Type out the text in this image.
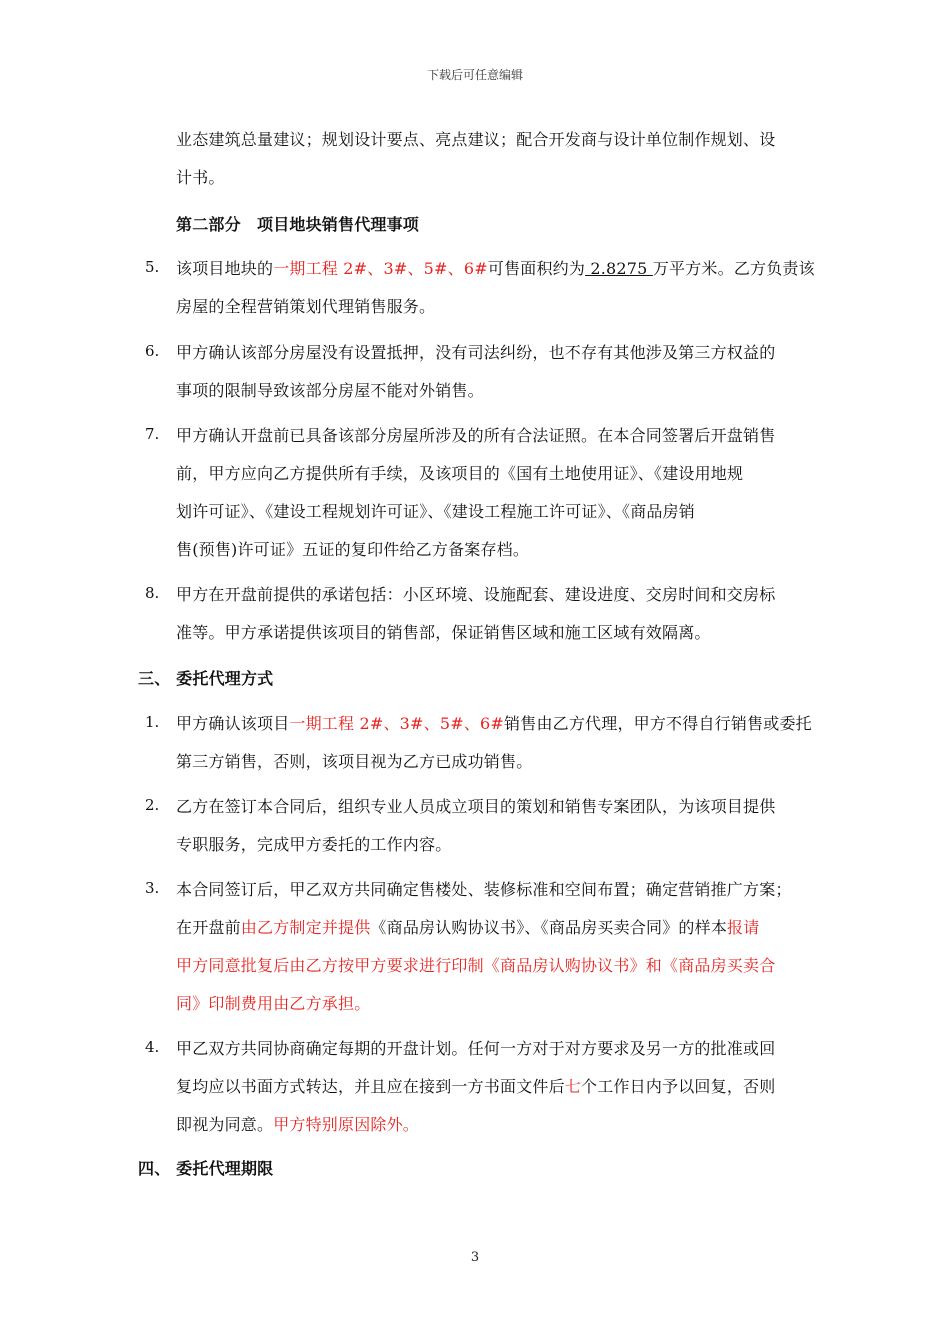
下载后可任意编辑
业态建筑总量建议；规划设计要点、亮点建议；配合开发商与设计单位制作规划、设
计书。
第二部分　项目地块销售代理事项
5. 该项目地块的一期工程 2#、3#、5#、6#可售面积约为 2.8275 万平方米。乙方负责该
房屋的全程营销策划代理销售服务。
6. 甲方确认该部分房屋没有设置抵押，没有司法纠纷，也不存有其他涉及第三方权益的
事项的限制导致该部分房屋不能对外销售。
7. 甲方确认开盘前已具备该部分房屋所涉及的所有合法证照。在本合同签署后开盘销售
前，甲方应向乙方提供所有手续，及该项目的《国有土地使用证》、《建设用地规
划许可证》、《建设工程规划许可证》、《建设工程施工许可证》、《商品房销
售(预售)许可证》五证的复印件给乙方备案存档。
8. 甲方在开盘前提供的承诺包括：小区环境、设施配套、建设进度、交房时间和交房标
准等。甲方承诺提供该项目的销售部，保证销售区域和施工区域有效隔离。
三、 委托代理方式
1. 甲方确认该项目一期工程 2#、3#、5#、6#销售由乙方代理，甲方不得自行销售或委托
第三方销售，否则，该项目视为乙方已成功销售。
2. 乙方在签订本合同后，组织专业人员成立项目的策划和销售专案团队，为该项目提供
专职服务，完成甲方委托的工作内容。
3. 本合同签订后，甲乙双方共同确定售楼处、装修标准和空间布置；确定营销推广方案；
在开盘前由乙方制定并提供《商品房认购协议书》、《商品房买卖合同》的样本报请
甲方同意批复后由乙方按甲方要求进行印制《商品房认购协议书》和《商品房买卖合
同》印制费用由乙方承担。
4. 甲乙双方共同协商确定每期的开盘计划。任何一方对于对方要求及另一方的批准或回
复均应以书面方式转达，并且应在接到一方书面文件后七个工作日内予以回复，否则
即视为同意。甲方特别原因除外。
四、 委托代理期限
3
